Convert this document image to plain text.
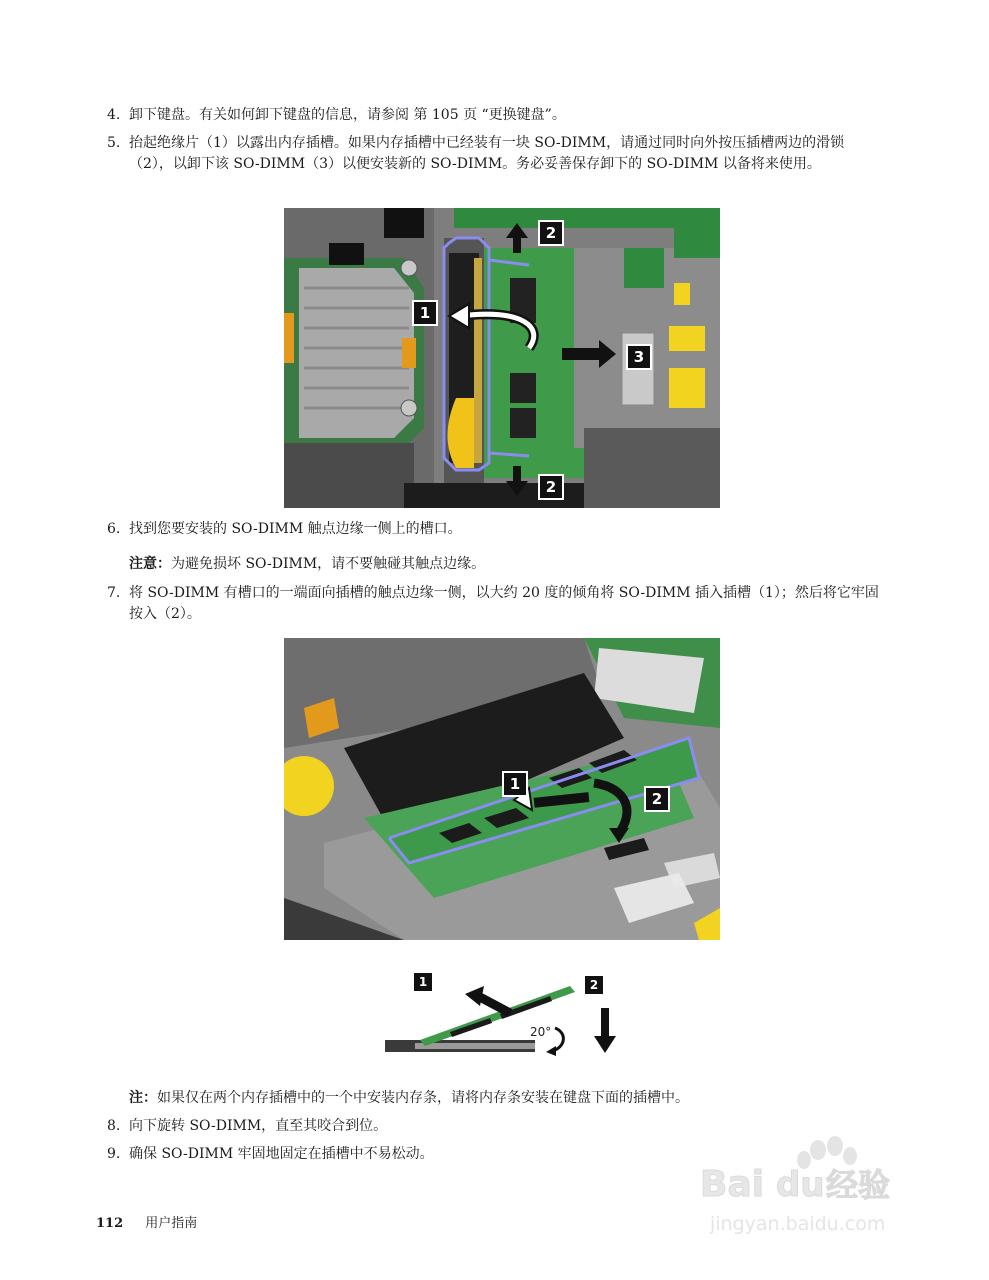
4. 卸下键盘。有关如何卸下键盘的信息，请参阅 第 105 页 “更换键盘”。
5. 抬起绝缘片（1）以露出内存插槽。如果内存插槽中已经装有一块 SO-DIMM，请通过同时向外按压插槽两边的滑锁（2），以卸下该 SO-DIMM（3）以便安装新的 SO-DIMM。务必妥善保存卸下的 SO-DIMM 以备将来使用。
1
2
2
3
6. 找到您要安装的 SO-DIMM 触点边缘一侧上的槽口。
注意：为避免损坏 SO-DIMM，请不要触碰其触点边缘。
7. 将 SO-DIMM 有槽口的一端面向插槽的触点边缘一侧，以大约 20 度的倾角将 SO-DIMM 插入插槽（1）；然后将它牢固按入（2）。
1
2
20°
1	2
注：如果仅在两个内存插槽中的一个中安装内存条，请将内存条安装在键盘下面的插槽中。
8. 向下旋转 SO-DIMM，直至其咬合到位。
9. 确保 SO-DIMM 牢固地固定在插槽中不易松动。
112 用户指南
Bai du 经验
jingyan.baidu.com
